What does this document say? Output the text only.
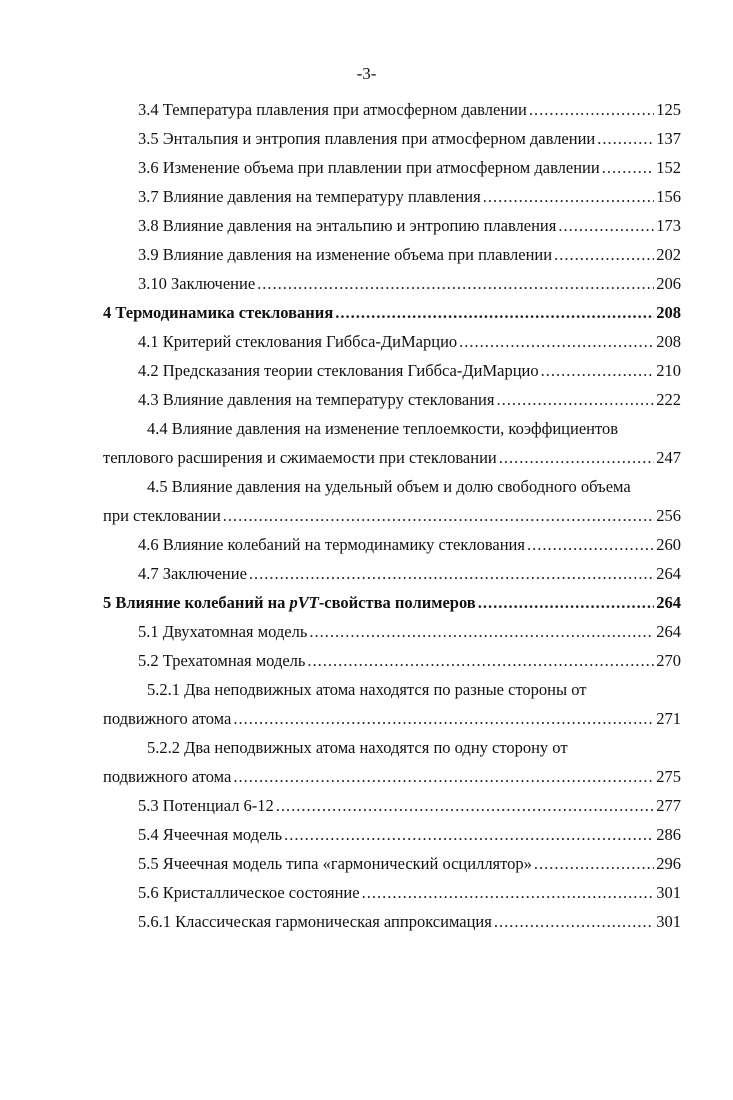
-3-
3.4 Температура плавления при атмосферном давлении .....	125
3.5 Энтальпия и энтропия плавления при атмосферном давлении .....	137
3.6 Изменение объема при плавлении при атмосферном давлении .....	152
3.7 Влияние давления на температуру плавления .....	156
3.8 Влияние давления на энтальпию и энтропию плавления .....	173
3.9 Влияние давления на изменение объема при плавлении .....	202
3.10 Заключение .....	206
4 Термодинамика стеклования .....	208
4.1 Критерий стеклования Гиббса-ДиМарцио .....	208
4.2 Предсказания теории стеклования Гиббса-ДиМарцио .....	210
4.3 Влияние давления на температуру стеклования .....	222
4.4 Влияние давления на изменение теплоемкости, коэффициентов
теплового расширения и сжимаемости при стекловании .....	247
4.5 Влияние давления на удельный объем и долю свободного объема
при стекловании .....	256
4.6 Влияние колебаний на термодинамику стеклования .....	260
4.7 Заключение .....	264
5 Влияние колебаний на pVT-свойства полимеров .....	264
5.1 Двухатомная модель .....	264
5.2 Трехатомная модель .....	270
5.2.1 Два неподвижных атома находятся по разные стороны от
подвижного атома .....	271
5.2.2 Два неподвижных атома находятся по одну сторону от
подвижного атома .....	275
5.3 Потенциал 6-12 .....	277
5.4 Ячеечная модель .....	286
5.5 Ячеечная модель типа «гармонический осциллятор» .....	296
5.6 Кристаллическое состояние .....	301
5.6.1 Классическая гармоническая аппроксимация .....	301
